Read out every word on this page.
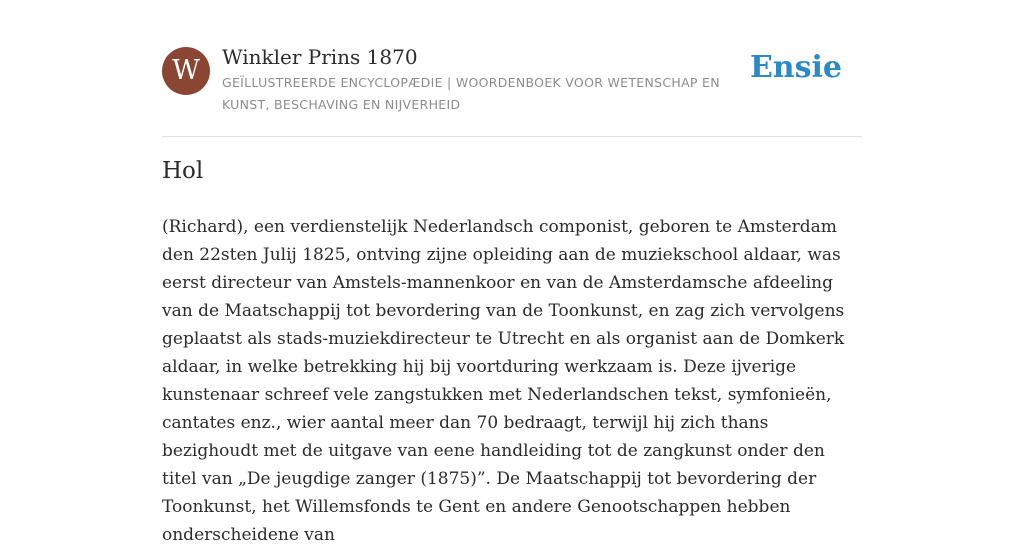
W	Winkler Prins 1870
GEÏLLUSTREERDE ENCYCLOPÆDIE | WOORDENBOEK VOOR WETENSCHAP EN KUNST, BESCHAVING EN NIJVERHEID
Ensie
Hol

(Richard), een verdienstelijk Nederlandsch componist, geboren te Amsterdam den 22sten Julij 1825, ontving zijne opleiding aan de muziekschool aldaar, was eerst directeur van Amstels-mannenkoor en van de Amsterdamsche afdeeling van de Maatschappij tot bevordering van de Toonkunst, en zag zich vervolgens geplaatst als stads-muziekdirecteur te Utrecht en als organist aan de Domkerk aldaar, in welke betrekking hij bij voortduring werkzaam is. Deze ijverige kunstenaar schreef vele zangstukken met Nederlandschen tekst, symfonieën, cantates enz., wier aantal meer dan 70 bedraagt, terwijl hij zich thans bezighoudt met de uitgave van eene handleiding tot de zangkunst onder den titel van „De jeugdige zanger (1875)”. De Maatschappij tot bevordering der Toonkunst, het Willemsfonds te Gent en andere Genootschappen hebben onderscheidene van
